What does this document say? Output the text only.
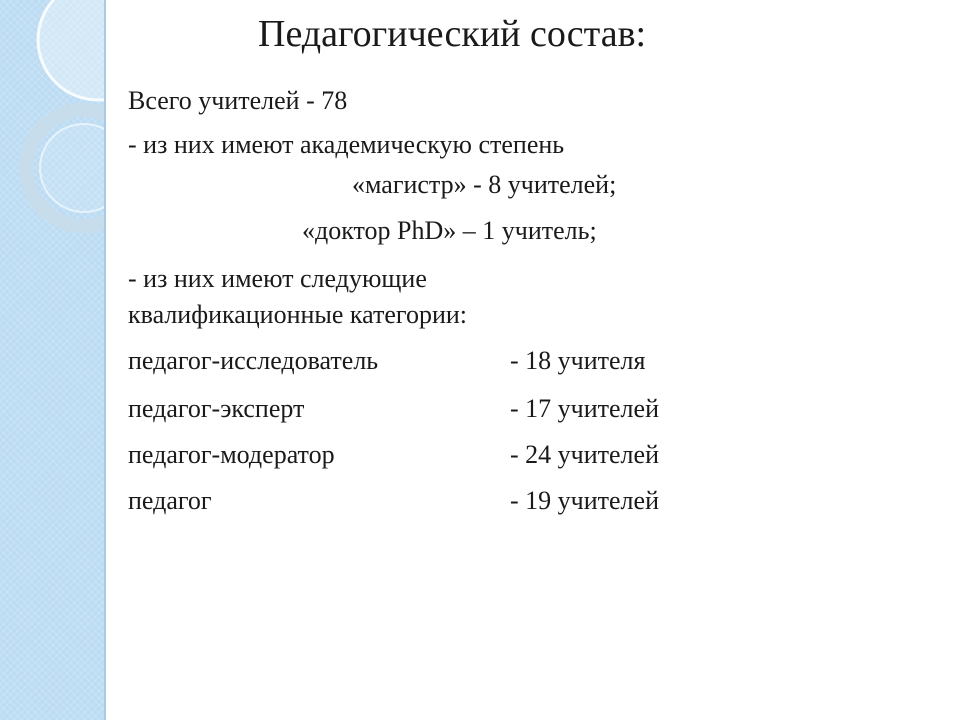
Педагогический состав:
Всего учителей - 78
- из них имеют академическую степень
«магистр» - 8 учителей;
«доктор PhD» – 1 учитель;
- из них имеют следующие
квалификационные категории:
педагог-исследователь	- 18 учителя
педагог-эксперт	- 17 учителей
педагог-модератор	- 24 учителей
педагог	- 19 учителей
